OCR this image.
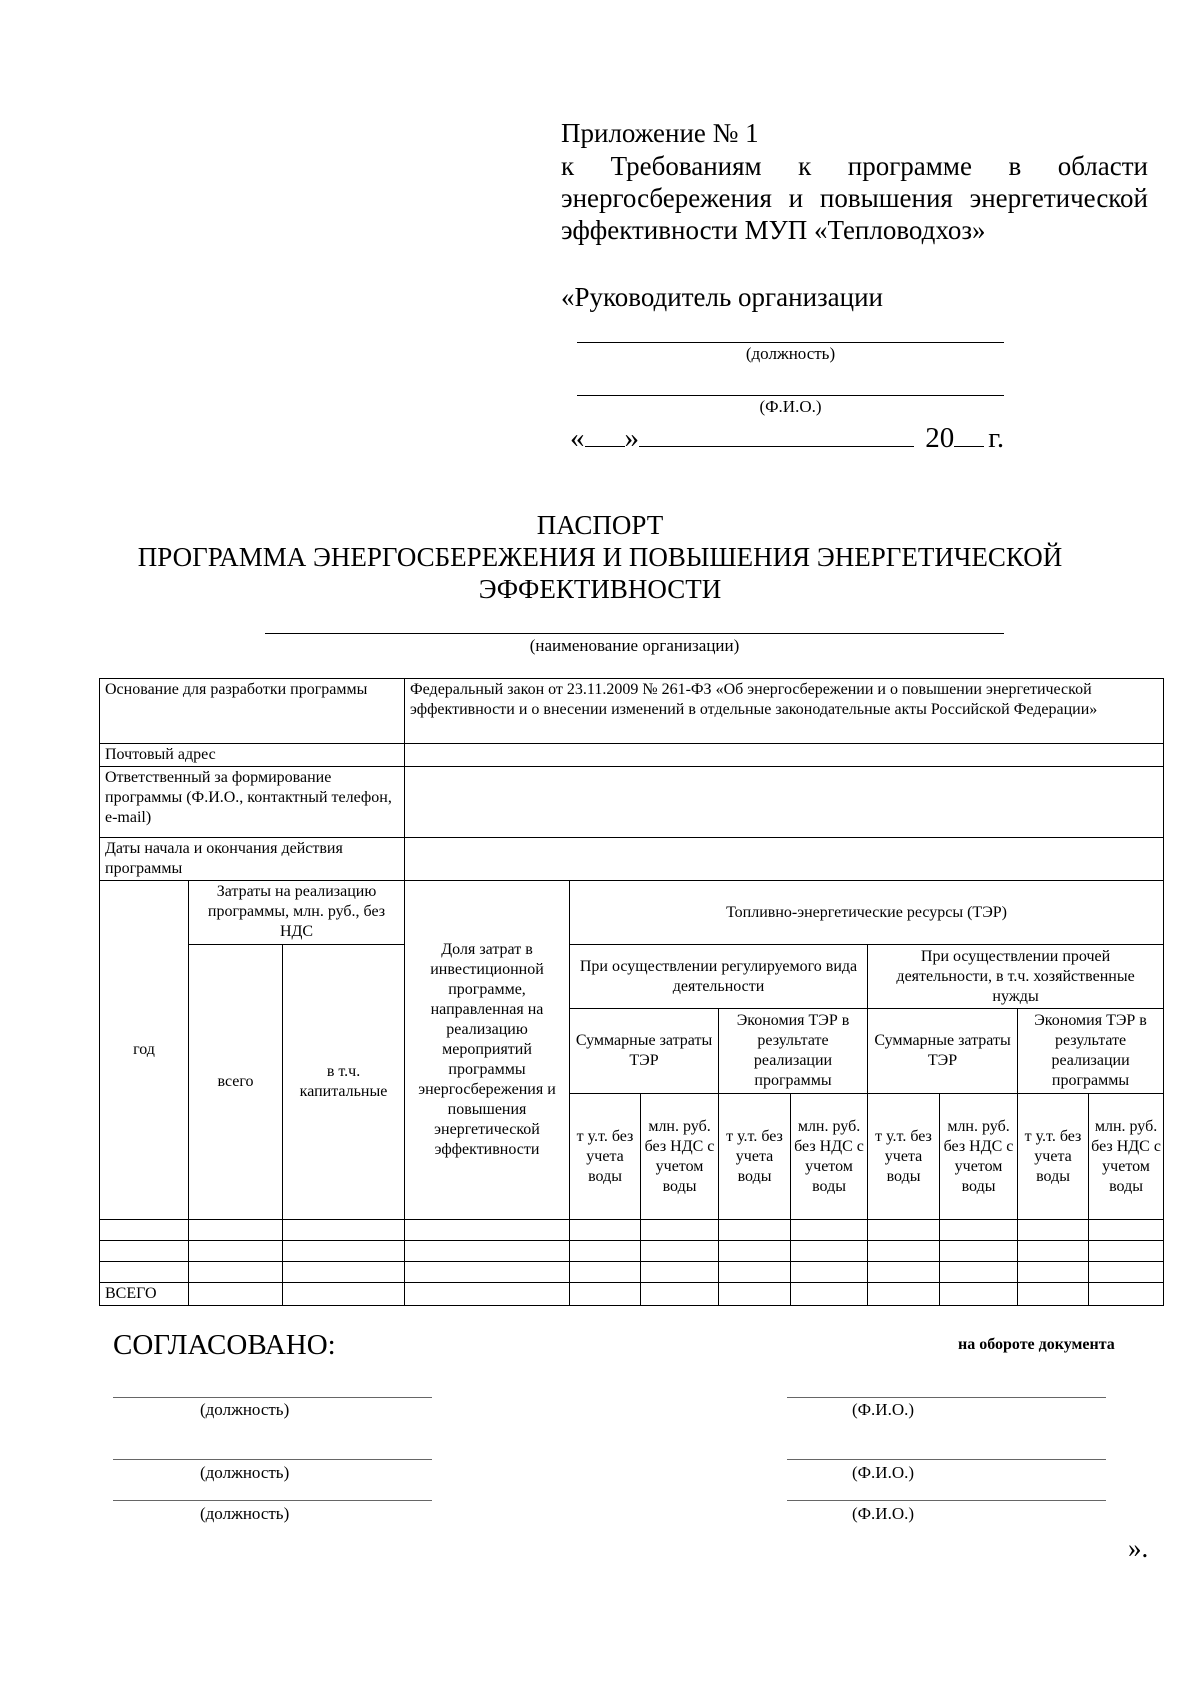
Приложение № 1
к Требованиям к программе в области
энергосбережения и повышения энергетической
эффективности МУП «Тепловодхоз»
«Руководитель организации
(должность)
(Ф.И.О.)
« »	20 г.
ПАСПОРТ
ПРОГРАММА ЭНЕРГОСБЕРЕЖЕНИЯ И ПОВЫШЕНИЯ ЭНЕРГЕТИЧЕСКОЙ
ЭФФЕКТИВНОСТИ
(наименование организации)
Основание для разработки программы			Федеральный закон от 23.11.2009 № 261-ФЗ «Об энергосбережении и о повышении энергетической эффективности и о внесении изменений в отдельные законодательные акты Российской Федерации»								
Почтовый адрес											
Ответственный за формирование программы (Ф.И.О., контактный телефон, e-mail)											
Даты начала и окончания действия программы											
год	Затраты на реализацию программы, млн. руб., без НДС		Доля затрат в инвестиционной программе, направленная на реализацию мероприятий программы энергосбережения и повышения энергетической эффективности	Топливно-энергетические ресурсы (ТЭР)							
	всего	в т.ч. капитальные		При осуществлении регулируемого вида деятельности				При осуществлении прочей деятельности, в т.ч. хозяйственные нужды			
				Суммарные затраты ТЭР		Экономия ТЭР в результате реализации программы		Суммарные затраты ТЭР		Экономия ТЭР в результате реализации программы	
				т у.т. без учета воды	млн. руб. без НДС с учетом воды	т у.т. без учета воды	млн. руб. без НДС с учетом воды	т у.т. без учета воды	млн. руб. без НДС с учетом воды	т у.т. без учета воды	млн. руб. без НДС с учетом воды

ВСЕГО											
СОГЛАСОВАНО:	на обороте документа
(должность)	(Ф.И.О.)
(должность)	(Ф.И.О.)
(должность)	(Ф.И.О.)
».
